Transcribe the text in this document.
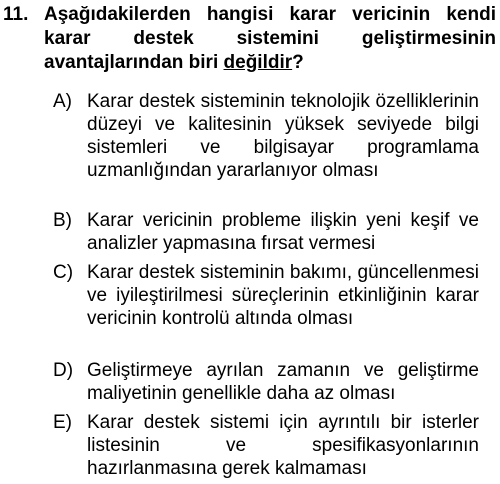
11. Aşağıdakilerden hangisi karar vericinin kendi karar destek sistemini geliştirmesinin avantajlarından biri değildir?
A) Karar destek sisteminin teknolojik özelliklerinin düzeyi ve kalitesinin yüksek seviyede bilgi sistemleri ve bilgisayar programlama uzmanlığından yararlanıyor olması
B) Karar vericinin probleme ilişkin yeni keşif ve analizler yapmasına fırsat vermesi
C) Karar destek sisteminin bakımı, güncellenmesi ve iyileştirilmesi süreçlerinin etkinliğinin karar vericinin kontrolü altında olması
D) Geliştirmeye ayrılan zamanın ve geliştirme maliyetinin genellikle daha az olması
E) Karar destek sistemi için ayrıntılı bir isterler listesinin ve spesifikasyonlarının hazırlanmasına gerek kalmaması
